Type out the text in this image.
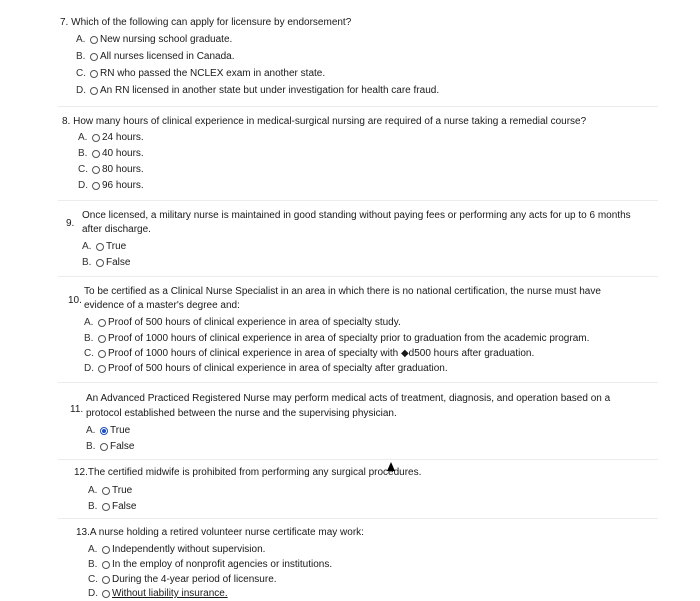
7. Which of the following can apply for licensure by endorsement?
A.	New nursing school graduate.
B.	All nurses licensed in Canada.
C.	RN who passed the NCLEX exam in another state.
D.	An RN licensed in another state but under investigation for health care fraud.
8. How many hours of clinical experience in medical-surgical nursing are required of a nurse taking a remedial course?
A.	24 hours.
B.	40 hours.
C.	80 hours.
D.	96 hours.
9.
Once licensed, a military nurse is maintained in good standing without paying fees or performing any acts for up to 6 months
after discharge.
A.	True
B.	False
10.
To be certified as a Clinical Nurse Specialist in an area in which there is no national certification, the nurse must have
evidence of a master's degree and:
A.	Proof of 500 hours of clinical experience in area of specialty study.
B.	Proof of 1000 hours of clinical experience in area of specialty prior to graduation from the academic program.
C.	Proof of 1000 hours of clinical experience in area of specialty with ◆d500 hours after graduation.
D.	Proof of 500 hours of clinical experience in area of specialty after graduation.
11.
An Advanced Practiced Registered Nurse may perform medical acts of treatment, diagnosis, and operation based on a
protocol established between the nurse and the supervising physician.
A.	True
B.	False
12.The certified midwife is prohibited from performing any surgical procedures.
A.	True
B.	False
13.A nurse holding a retired volunteer nurse certificate may work:
A.	Independently without supervision.
B.	In the employ of nonprofit agencies or institutions.
C.	During the 4-year period of licensure.
D.	Without liability insurance.
